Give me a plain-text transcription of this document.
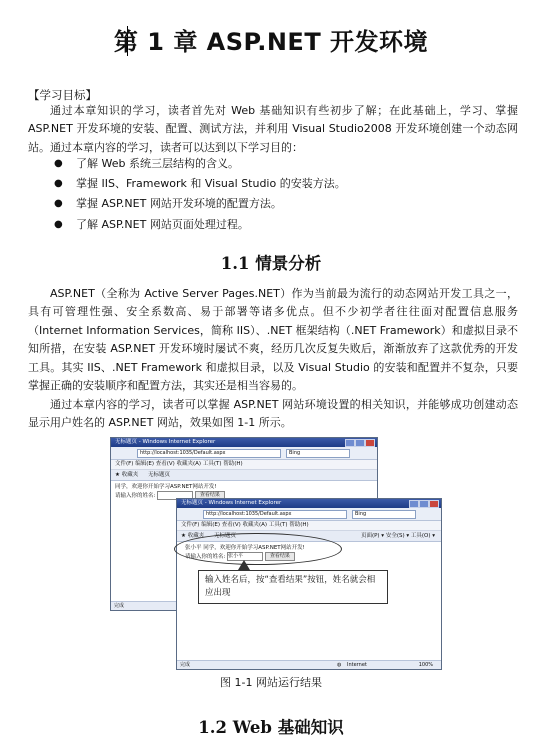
第 1 章 ASP.NET 开发环境
【学习目标】
通过本章知识的学习，读者首先对 Web 基础知识有些初步了解；在此基础上，学习、掌握 ASP.NET 开发环境的安装、配置、测试方法，并利用 Visual Studio2008 开发环境创建一个动态网站。通过本章内容的学习，读者可以达到以下学习目的：
● 了解 Web 系统三层结构的含义。
● 掌握 IIS、Framework 和 Visual Studio 的安装方法。
● 掌握 ASP.NET 网站开发环境的配置方法。
● 了解 ASP.NET 网站页面处理过程。
1.1 情景分析
ASP.NET（全称为 Active Server Pages.NET）作为当前最为流行的动态网站开发工具之一，具有可管理性强、安全系数高、易于部署等诸多优点。但不少初学者往往面对配置信息服务（Internet Information Services，简称 IIS）、.NET 框架结构（.NET Framework）和虚拟目录不知所措，在安装 ASP.NET 开发环境时屡试不爽，经历几次反复失败后，渐渐放弃了这款优秀的开发工具。其实 IIS、.NET Framework 和虚拟目录，以及 Visual Studio 的安装和配置并不复杂，只要掌握正确的安装顺序和配置方法，其实还是相当容易的。
通过本章内容的学习，读者可以掌握 ASP.NET 网站环境设置的相关知识，并能够成功创建动态显示用户姓名的 ASP.NET 网站，效果如图 1-1 所示。
无标题页 - Windows Internet Explorer
http://localhost:1035/Default.aspx	Bing
文件(F) 编辑(E) 查看(V) 收藏夹(A) 工具(T) 帮助(H)
★ 收藏夹 无标题页
同学，欢迎你开始学习ASP.NET网站开发!
请输入你的姓名:	查看结果
完成
无标题页 - Windows Internet Explorer
http://localhost:1035/Default.aspx	Bing
文件(F) 编辑(E) 查看(V) 收藏夹(A) 工具(T) 帮助(H)
★ 收藏夹 无标题页	页面(P) ▾ 安全(S) ▾ 工具(O) ▾
张小平 同学，欢迎你开始学习ASP.NET网站开发!
请输入你的姓名: 张小平	查看结果
完成	◍ Internet	100%
输入姓名后，按“查看结果”按钮，姓名就会相应出现
图 1-1 网站运行结果
1.2 Web 基础知识
